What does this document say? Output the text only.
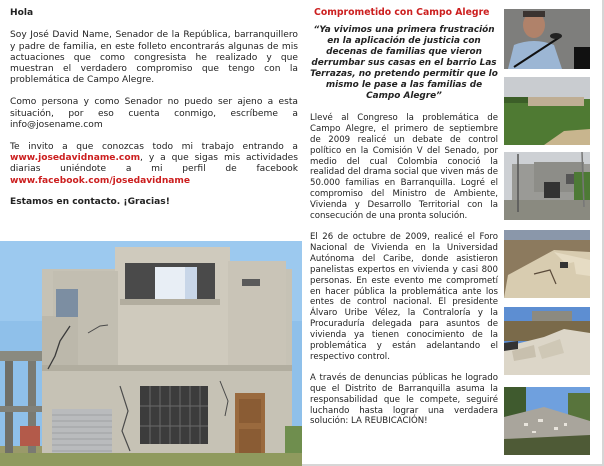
Hola

Soy José David Name, Senador de la República, barranquillero y padre de familia, en este folleto encontrarás algunas de mis actuaciones que como congresista he realizado y que muestran el verdadero compromiso que tengo con la problemática de Campo Alegre.

Como persona y como Senador no puedo ser ajeno a esta situación, por eso cuenta conmigo, escríbeme a info@josename.com

Te invito a que conozcas todo mi trabajo entrando a www.josedavidname.com, y a que sigas mis actividades diarias uniéndote a mi perfil de facebook www.facebook.com/josedavidname

Estamos en contacto. ¡Gracias!

Comprometido con Campo Alegre

“Ya vivimos una primera frustración en la aplicación de justicia con decenas de familias que vieron derrumbar sus casas en el barrio Las Terrazas, no pretendo permitir que lo mismo le pase a las familias de Campo Alegre”

Llevé al Congreso la problemática de Campo Alegre, el primero de septiembre de 2009 realicé un debate de control político en la Comisión V del Senado, por medio del cual Colombia conoció la realidad del drama social que viven más de 50.000 familias en Barranquilla. Logré el compromiso del Ministro de Ambiente, Vivienda y Desarrollo Territorial con la consecución de una pronta solución.

El 26 de octubre de 2009, realicé el Foro Nacional de Vivienda en la Universidad Autónoma del Caribe, donde asistieron panelistas expertos en vivienda y casi 800 personas. En este evento me comprometí en hacer pública la problemática ante los entes de control nacional. El presidente Álvaro Uribe Vélez, la Contraloría y la Procuraduría delegada para asuntos de vivienda ya tienen conocimiento de la problemática y están adelantando el respectivo control.

A través de denuncias públicas he logrado que el Distrito de Barranquilla asuma la responsabilidad que le compete, seguiré luchando hasta lograr una verdadera solución: LA REUBICACIÓN!
